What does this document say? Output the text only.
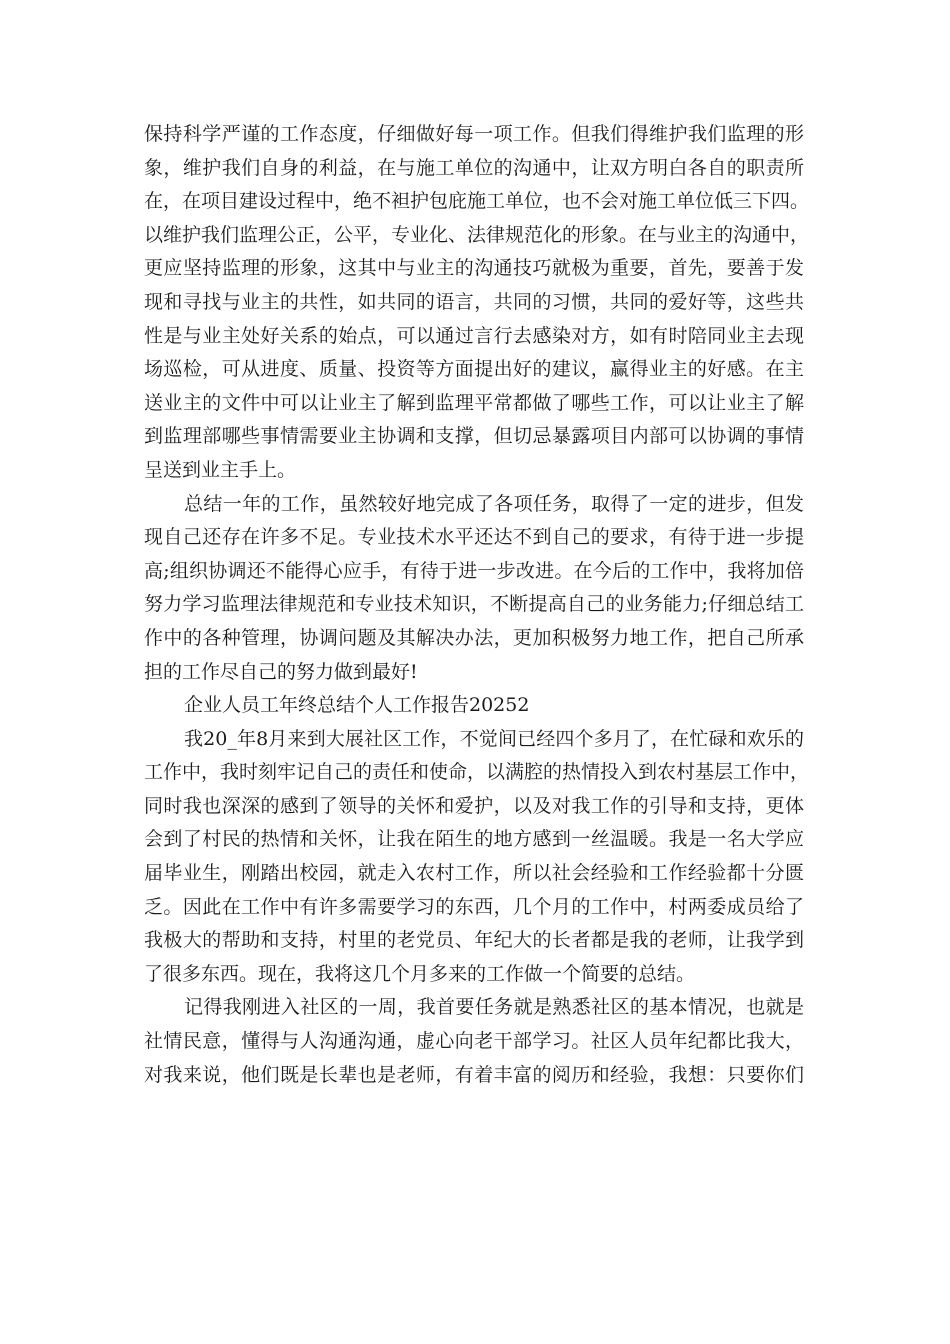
保持科学严谨的工作态度，仔细做好每一项工作。但我们得维护我们监理的形
象，维护我们自身的利益，在与施工单位的沟通中，让双方明白各自的职责所
在，在项目建设过程中，绝不袒护包庇施工单位，也不会对施工单位低三下四。
以维护我们监理公正，公平，专业化、法律规范化的形象。在与业主的沟通中，
更应坚持监理的形象，这其中与业主的沟通技巧就极为重要，首先，要善于发
现和寻找与业主的共性，如共同的语言，共同的习惯，共同的爱好等，这些共
性是与业主处好关系的始点，可以通过言行去感染对方，如有时陪同业主去现
场巡检，可从进度、质量、投资等方面提出好的建议，赢得业主的好感。在主
送业主的文件中可以让业主了解到监理平常都做了哪些工作，可以让业主了解
到监理部哪些事情需要业主协调和支撑，但切忌暴露项目内部可以协调的事情
呈送到业主手上。
总结一年的工作，虽然较好地完成了各项任务，取得了一定的进步，但发
现自己还存在许多不足。专业技术水平还达不到自己的要求，有待于进一步提
高;组织协调还不能得心应手，有待于进一步改进。在今后的工作中，我将加倍
努力学习监理法律规范和专业技术知识，不断提高自己的业务能力;仔细总结工
作中的各种管理，协调问题及其解决办法，更加积极努力地工作，把自己所承
担的工作尽自己的努力做到最好!
企业人员工年终总结个人工作报告20252
我20_年8月来到大展社区工作，不觉间已经四个多月了，在忙碌和欢乐的
工作中，我时刻牢记自己的责任和使命，以满腔的热情投入到农村基层工作中，
同时我也深深的感到了领导的关怀和爱护，以及对我工作的引导和支持，更体
会到了村民的热情和关怀，让我在陌生的地方感到一丝温暖。我是一名大学应
届毕业生，刚踏出校园，就走入农村工作，所以社会经验和工作经验都十分匮
乏。因此在工作中有许多需要学习的东西，几个月的工作中，村两委成员给了
我极大的帮助和支持，村里的老党员、年纪大的长者都是我的老师，让我学到
了很多东西。现在，我将这几个月多来的工作做一个简要的总结。
记得我刚进入社区的一周，我首要任务就是熟悉社区的基本情况，也就是
社情民意，懂得与人沟通沟通，虚心向老干部学习。社区人员年纪都比我大，
对我来说，他们既是长辈也是老师，有着丰富的阅历和经验，我想：只要你们
